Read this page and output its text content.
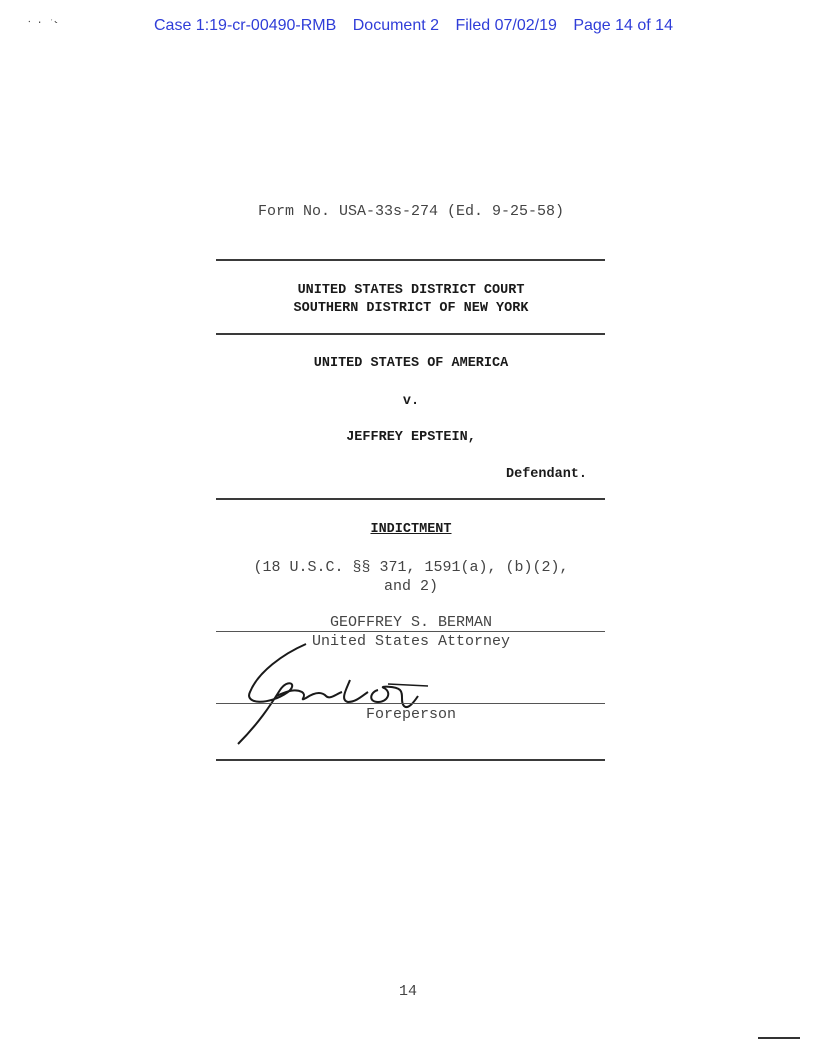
⸱ · ˑ˞	Case 1:19-cr-00490-RMB Document 2 Filed 07/02/19 Page 14 of 14
Form No. USA-33s-274 (Ed. 9-25-58)
UNITED STATES DISTRICT COURT
SOUTHERN DISTRICT OF NEW YORK
UNITED STATES OF AMERICA
v.
JEFFREY EPSTEIN,
Defendant.
INDICTMENT
(18 U.S.C. §§ 371, 1591(a), (b)(2),
and 2)
GEOFFREY S. BERMAN
United States Attorney
Foreperson
14
